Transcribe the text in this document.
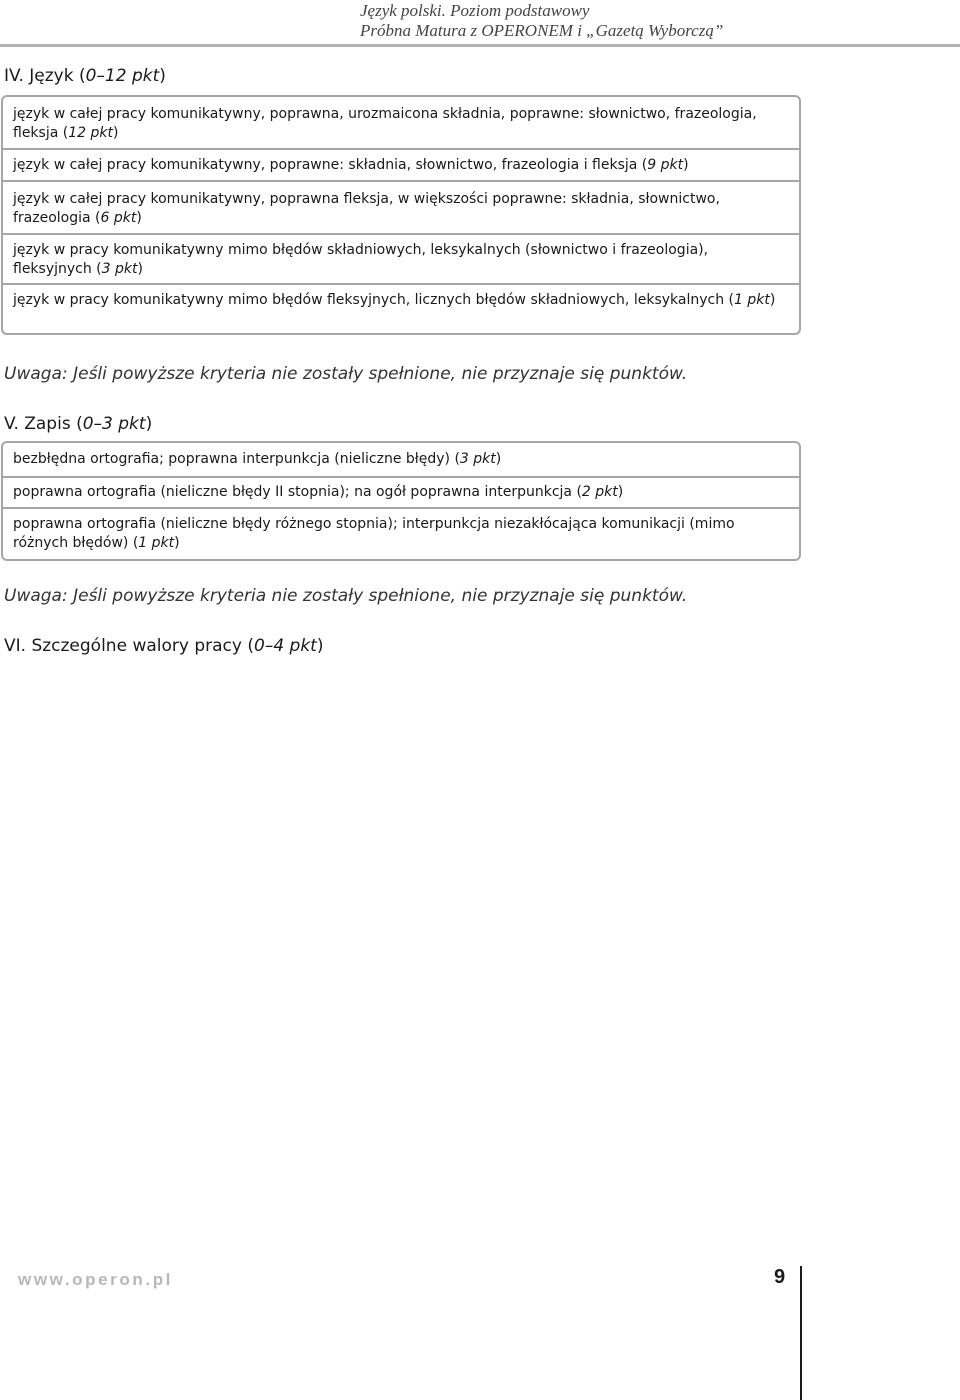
Język polski. Poziom podstawowy
Próbna Matura z OPERONEM i „Gazetą Wyborczą”
IV. Język (0–12 pkt)
język w całej pracy komunikatywny, poprawna, urozmaicona składnia, poprawne: słownictwo, frazeologia, fleksja (12 pkt)
język w całej pracy komunikatywny, poprawne: składnia, słownictwo, frazeologia i fleksja (9 pkt)
język w całej pracy komunikatywny, poprawna fleksja, w większości poprawne: składnia, słownictwo, frazeologia (6 pkt)
język w pracy komunikatywny mimo błędów składniowych, leksykalnych (słownictwo i frazeologia), fleksyjnych (3 pkt)
język w pracy komunikatywny mimo błędów fleksyjnych, licznych błędów składniowych, leksykalnych (1 pkt)

Uwaga: Jeśli powyższe kryteria nie zostały spełnione, nie przyznaje się punktów.

V. Zapis (0–3 pkt)
bezbłędna ortografia; poprawna interpunkcja (nieliczne błędy) (3 pkt)
poprawna ortografia (nieliczne błędy II stopnia); na ogół poprawna interpunkcja (2 pkt)
poprawna ortografia (nieliczne błędy różnego stopnia); interpunkcja niezakłócająca komunikacji (mimo różnych błędów) (1 pkt)

Uwaga: Jeśli powyższe kryteria nie zostały spełnione, nie przyznaje się punktów.

VI. Szczególne walory pracy (0–4 pkt)
www.operon.pl	9
